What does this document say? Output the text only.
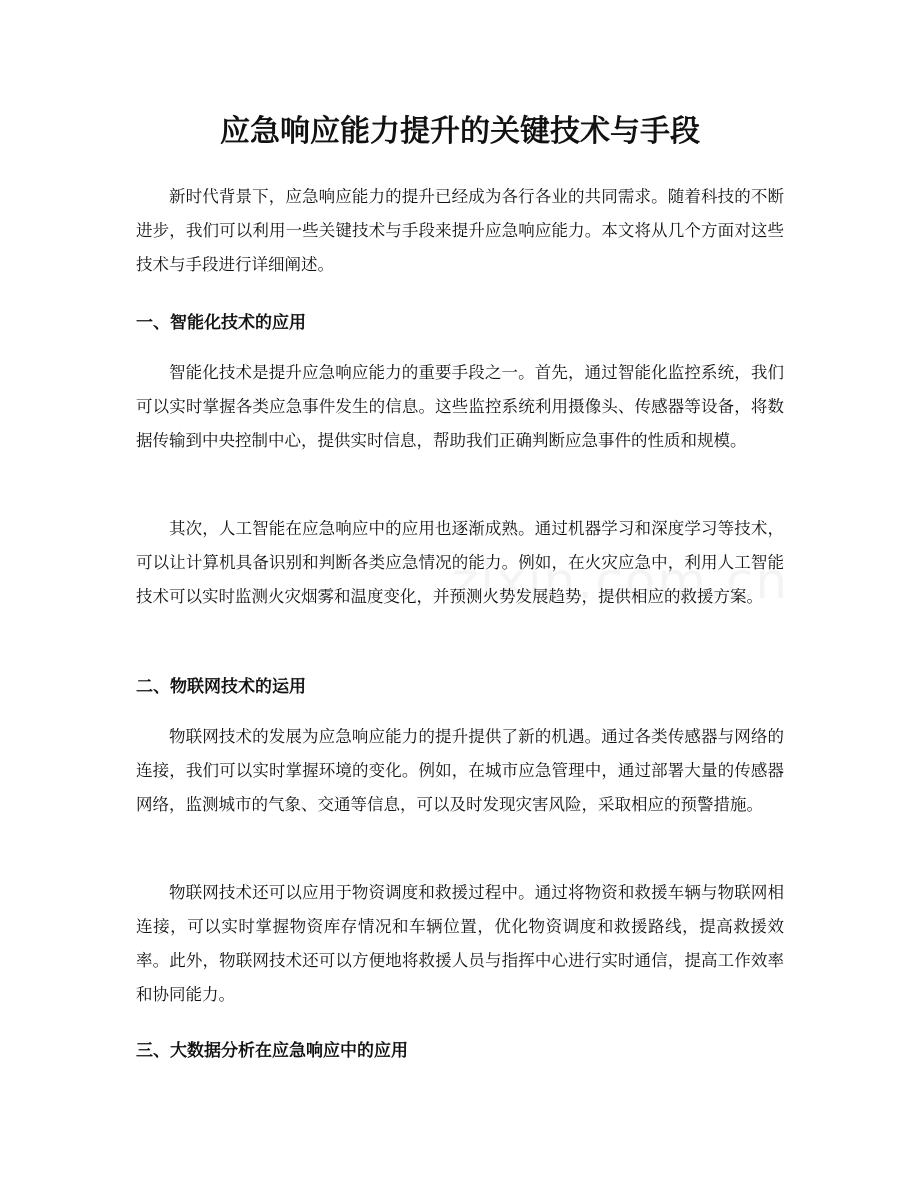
应急响应能力提升的关键技术与手段

新时代背景下，应急响应能力的提升已经成为各行各业的共同需求。随着科技的不断进步，我们可以利用一些关键技术与手段来提升应急响应能力。本文将从几个方面对这些技术与手段进行详细阐述。

一、智能化技术的应用

智能化技术是提升应急响应能力的重要手段之一。首先，通过智能化监控系统，我们可以实时掌握各类应急事件发生的信息。这些监控系统利用摄像头、传感器等设备，将数据传输到中央控制中心，提供实时信息，帮助我们正确判断应急事件的性质和规模。

其次，人工智能在应急响应中的应用也逐渐成熟。通过机器学习和深度学习等技术，可以让计算机具备识别和判断各类应急情况的能力。例如，在火灾应急中，利用人工智能技术可以实时监测火灾烟雾和温度变化，并预测火势发展趋势，提供相应的救援方案。

二、物联网技术的运用

物联网技术的发展为应急响应能力的提升提供了新的机遇。通过各类传感器与网络的连接，我们可以实时掌握环境的变化。例如，在城市应急管理中，通过部署大量的传感器网络，监测城市的气象、交通等信息，可以及时发现灾害风险，采取相应的预警措施。

物联网技术还可以应用于物资调度和救援过程中。通过将物资和救援车辆与物联网相连接，可以实时掌握物资库存情况和车辆位置，优化物资调度和救援路线，提高救援效率。此外，物联网技术还可以方便地将救援人员与指挥中心进行实时通信，提高工作效率和协同能力。

三、大数据分析在应急响应中的应用
